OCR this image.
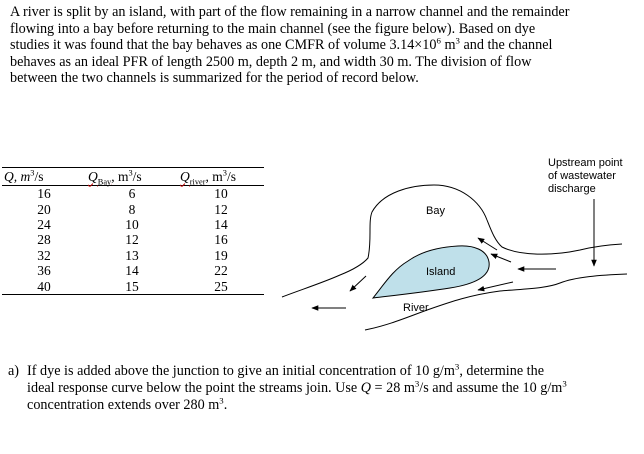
A river is split by an island, with part of the flow remaining in a narrow channel and the remainder flowing into a bay before returning to the main channel (see the figure below). Based on dye studies it was found that the bay behaves as one CMFR of volume $3.14\times 10^6$ $m^3$ and the channel behaves as an ideal PFR of length 2500 m, depth 2 m, and width 30 m. The division of flow between the two channels is summarized for the period of record below.

Q, $m^3/s$	$Q_{Bay}$, $m^3/s$	$Q_{river}$, $m^3/s$
16	6	10
20	8	12
24	10	14
28	12	16
32	13	19
36	14	22
40	15	25
Upstream point
of wastewater
discharge
Bay
Island
River
a) If dye is added above the junction to give an initial concentration of 10 $g/m^3$, determine the ideal response curve below the point the streams join. Use Q = 28 $m^3/s$ and assume the 10 $g/m^3$ concentration extends over 280 $m^3$.
